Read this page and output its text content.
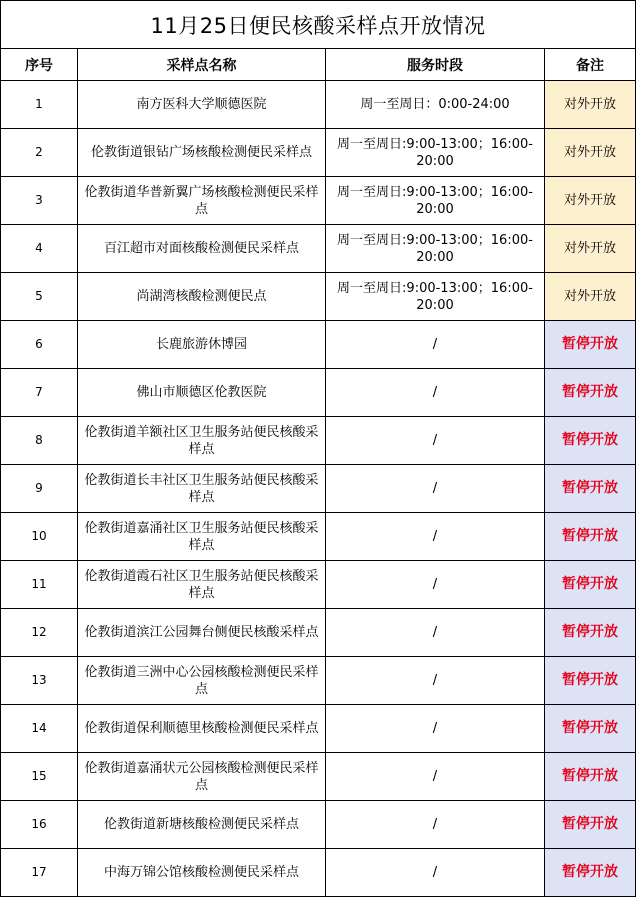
11月25日便民核酸采样点开放情况			
序号	采样点名称	服务时段	备注
1	南方医科大学顺德医院	周一至周日：0:00-24:00	对外开放
2	伦教街道银钻广场核酸检测便民采样点	周一至周日:9:00-13:00；16:00-20:00	对外开放
3	伦教街道华普新翼广场核酸检测便民采样点	周一至周日:9:00-13:00；16:00-20:00	对外开放
4	百江超市对面核酸检测便民采样点	周一至周日:9:00-13:00；16:00-20:00	对外开放
5	尚湖湾核酸检测便民点	周一至周日:9:00-13:00；16:00-20:00	对外开放
6	长鹿旅游休博园	/	暂停开放
7	佛山市顺德区伦教医院	/	暂停开放
8	伦教街道羊额社区卫生服务站便民核酸采样点	/	暂停开放
9	伦教街道长丰社区卫生服务站便民核酸采样点	/	暂停开放
10	伦教街道嘉涌社区卫生服务站便民核酸采样点	/	暂停开放
11	伦教街道霞石社区卫生服务站便民核酸采样点	/	暂停开放
12	伦教街道滨江公园舞台侧便民核酸采样点	/	暂停开放
13	伦教街道三洲中心公园核酸检测便民采样点	/	暂停开放
14	伦教街道保利顺德里核酸检测便民采样点	/	暂停开放
15	伦教街道嘉涌状元公园核酸检测便民采样点	/	暂停开放
16	伦教街道新塘核酸检测便民采样点	/	暂停开放
17	中海万锦公馆核酸检测便民采样点	/	暂停开放
